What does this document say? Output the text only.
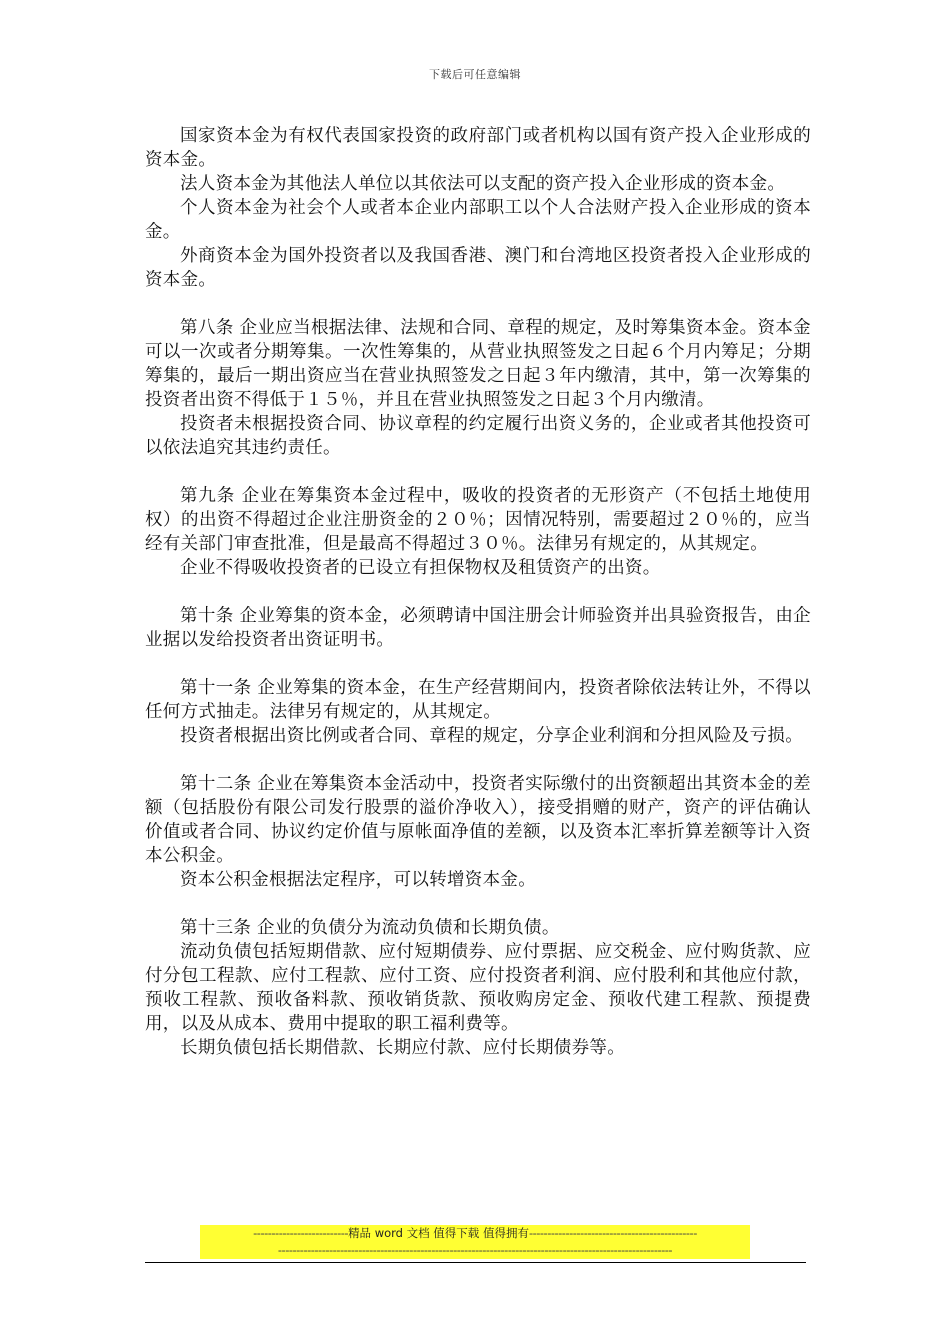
下载后可任意编辑

国家资本金为有权代表国家投资的政府部门或者机构以国有资产投入企业形成的资本金。

法人资本金为其他法人单位以其依法可以支配的资产投入企业形成的资本金。

个人资本金为社会个人或者本企业内部职工以个人合法财产投入企业形成的资本金。

外商资本金为国外投资者以及我国香港、澳门和台湾地区投资者投入企业形成的资本金。

第八条 企业应当根据法律、法规和合同、章程的规定，及时筹集资本金。资本金可以一次或者分期筹集。一次性筹集的，从营业执照签发之日起６个月内筹足；分期筹集的，最后一期出资应当在营业执照签发之日起３年内缴清，其中，第一次筹集的投资者出资不得低于１５％，并且在营业执照签发之日起３个月内缴清。

投资者未根据投资合同、协议章程的约定履行出资义务的，企业或者其他投资可以依法追究其违约责任。

第九条 企业在筹集资本金过程中，吸收的投资者的无形资产（不包括土地使用权）的出资不得超过企业注册资金的２０％；因情况特别，需要超过２０％的，应当经有关部门审查批准，但是最高不得超过３０％。法律另有规定的，从其规定。

企业不得吸收投资者的已设立有担保物权及租赁资产的出资。

第十条 企业筹集的资本金，必须聘请中国注册会计师验资并出具验资报告，由企业据以发给投资者出资证明书。

第十一条 企业筹集的资本金，在生产经营期间内，投资者除依法转让外，不得以任何方式抽走。法律另有规定的，从其规定。

投资者根据出资比例或者合同、章程的规定，分享企业利润和分担风险及亏损。

第十二条 企业在筹集资本金活动中，投资者实际缴付的出资额超出其资本金的差额（包括股份有限公司发行股票的溢价净收入），接受捐赠的财产，资产的评估确认价值或者合同、协议约定价值与原帐面净值的差额，以及资本汇率折算差额等计入资本公积金。

资本公积金根据法定程序，可以转增资本金。

第十三条 企业的负债分为流动负债和长期负债。

流动负债包括短期借款、应付短期债券、应付票据、应交税金、应付购货款、应付分包工程款、应付工程款、应付工资、应付投资者利润、应付股利和其他应付款，预收工程款、预收备料款、预收销货款、预收购房定金、预收代建工程款、预提费用，以及从成本、费用中提取的职工福利费等。

长期负债包括长期借款、长期应付款、应付长期债券等。

--------------------------精品 word 文档 值得下载 值得拥有----------------------------------------------
------------------------------------------------------------------------------------------------------------
